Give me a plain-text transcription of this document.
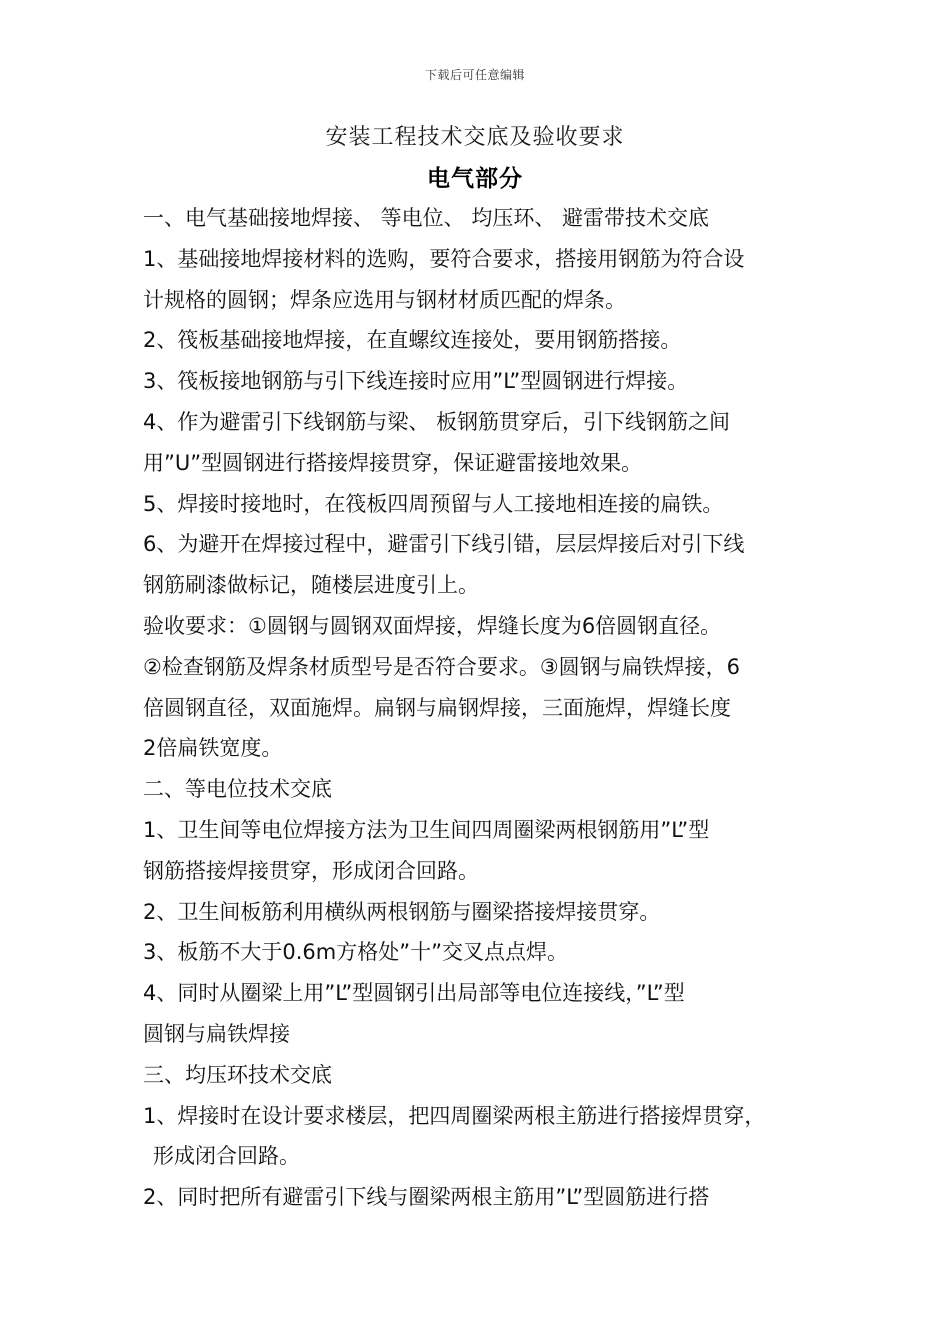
下载后可任意编辑
安装工程技术交底及验收要求
电气部分
一、电气基础接地焊接、 等电位、 均压环、 避雷带技术交底
1、基础接地焊接材料的选购，要符合要求，搭接用钢筋为符合设
计规格的圆钢；焊条应选用与钢材材质匹配的焊条。
2、筏板基础接地焊接，在直螺纹连接处，要用钢筋搭接。
3、筏板接地钢筋与引下线连接时应用”L”型圆钢进行焊接。
4、作为避雷引下线钢筋与梁、 板钢筋贯穿后，引下线钢筋之间
用”U”型圆钢进行搭接焊接贯穿，保证避雷接地效果。
5、焊接时接地时，在筏板四周预留与人工接地相连接的扁铁。
6、为避开在焊接过程中，避雷引下线引错，层层焊接后对引下线
钢筋刷漆做标记，随楼层进度引上。
验收要求：①圆钢与圆钢双面焊接，焊缝长度为6倍圆钢直径。
②检查钢筋及焊条材质型号是否符合要求。③圆钢与扁铁焊接，6
倍圆钢直径，双面施焊。扁钢与扁钢焊接，三面施焊，焊缝长度
2倍扁铁宽度。
二、等电位技术交底
1、卫生间等电位焊接方法为卫生间四周圈梁两根钢筋用”L”型
钢筋搭接焊接贯穿，形成闭合回路。
2、卫生间板筋利用横纵两根钢筋与圈梁搭接焊接贯穿。
3、板筋不大于0.6m方格处”十”交叉点点焊。
4、同时从圈梁上用”L”型圆钢引出局部等电位连接线，”L”型
圆钢与扁铁焊接
三、均压环技术交底
1、焊接时在设计要求楼层，把四周圈梁两根主筋进行搭接焊贯穿，
形成闭合回路。
2、同时把所有避雷引下线与圈梁两根主筋用”L”型圆筋进行搭
